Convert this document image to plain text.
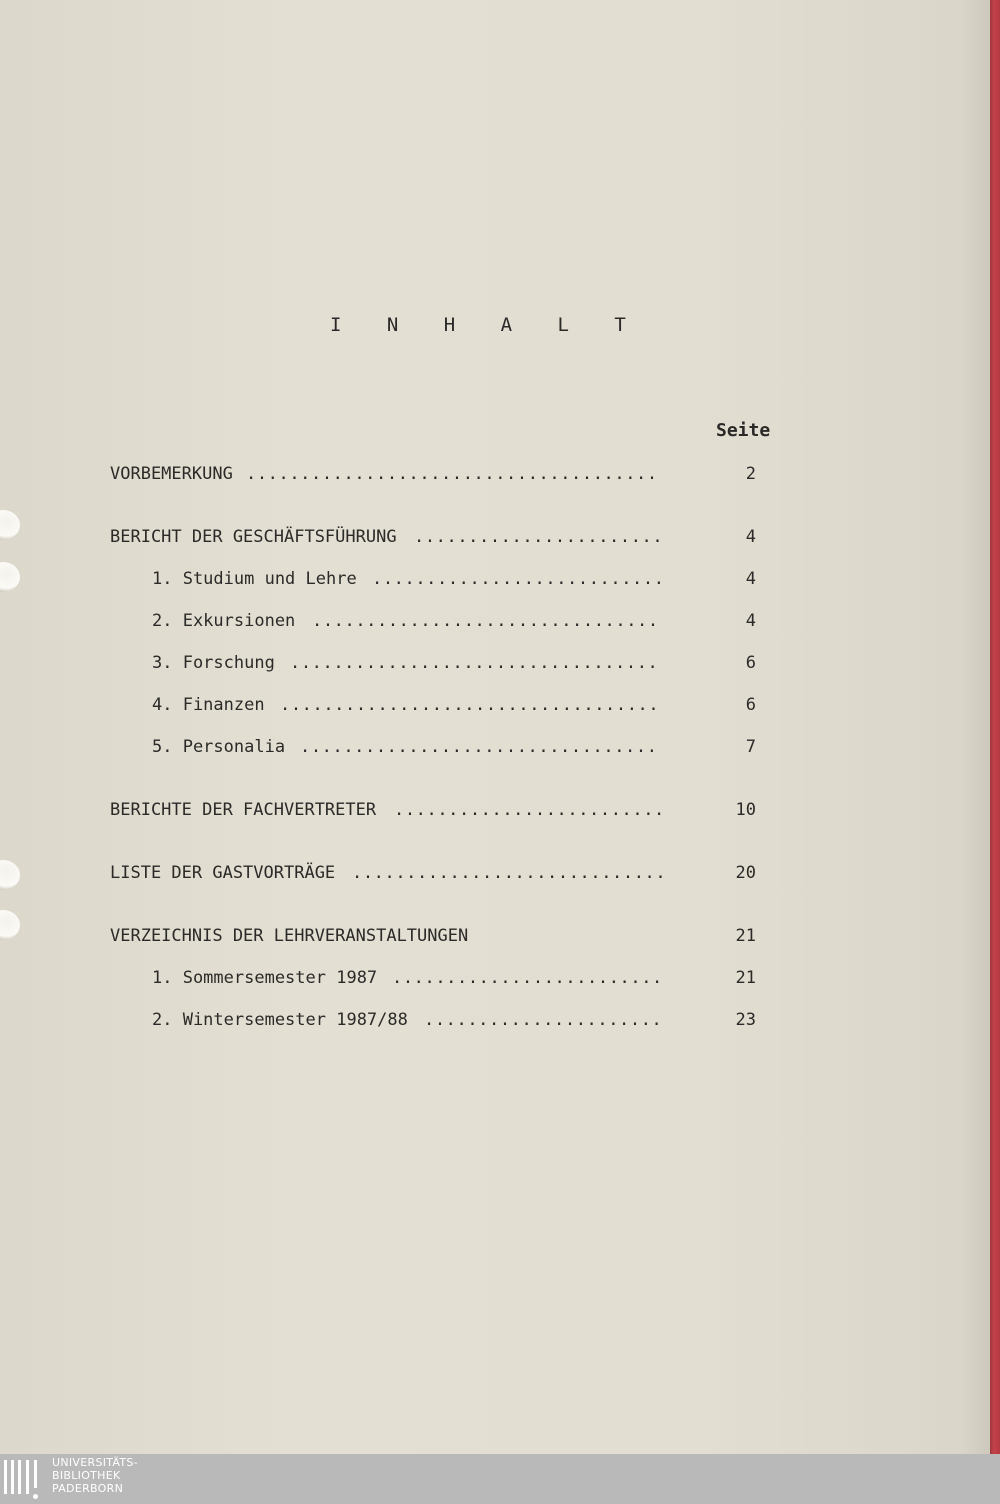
I N H A L T
Seite
VORBEMERKUNG ......................................	2
BERICHT DER GESCHÄFTSFÜHRUNG .......................	4
1. Studium und Lehre ...........................	4
2. Exkursionen ................................	4
3. Forschung ..................................	6
4. Finanzen ...................................	6
5. Personalia .................................	7
BERICHTE DER FACHVERTRETER .........................	10
LISTE DER GASTVORTRÄGE .............................	20
VERZEICHNIS DER LEHRVERANSTALTUNGEN	21
1. Sommersemester 1987 .........................	21
2. Wintersemester 1987/88 ......................	23
UNIVERSITÄTS-
BIBLIOTHEK
PADERBORN
